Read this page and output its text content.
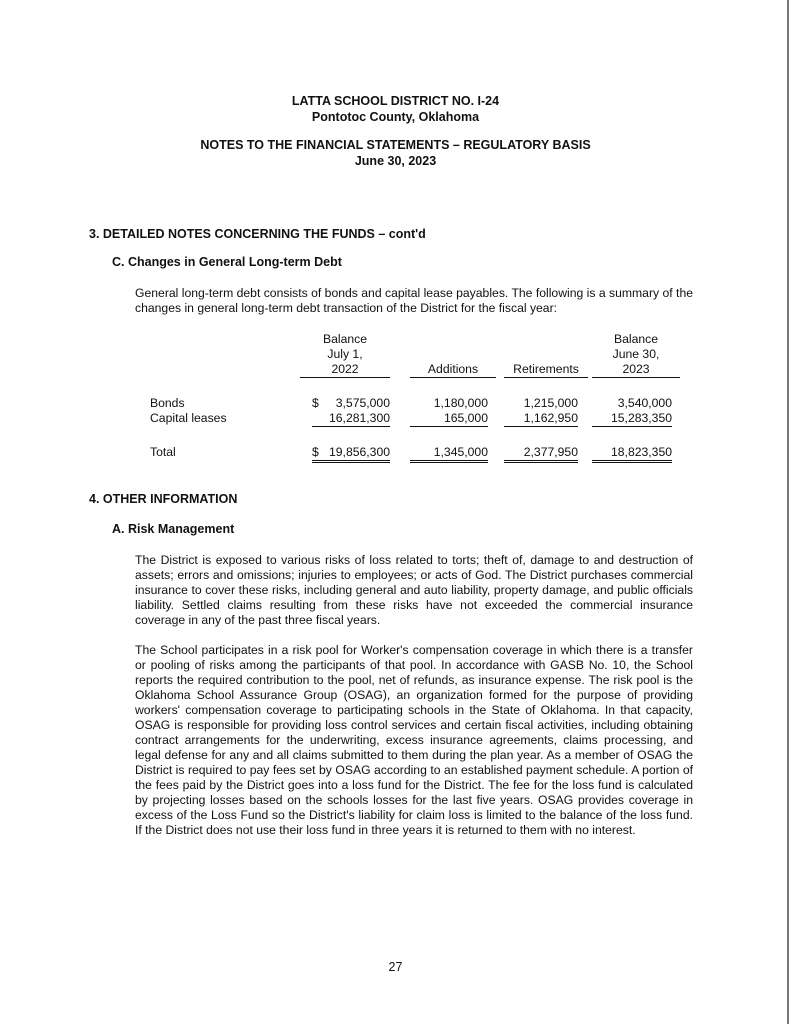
LATTA SCHOOL DISTRICT NO. I-24
Pontotoc County, Oklahoma
NOTES TO THE FINANCIAL STATEMENTS – REGULATORY BASIS
June 30, 2023
3. DETAILED NOTES CONCERNING THE FUNDS – cont'd
C. Changes in General Long-term Debt
General long-term debt consists of bonds and capital lease payables. The following is a summary of the changes in general long-term debt transaction of the District for the fiscal year:
Balance
July 1,
2022	Additions	Retirements
Balance
June 30,
2023
Bonds	$	3,575,000	1,180,000	1,215,000	3,540,000
Capital leases	16,281,300	165,000	1,162,950	15,283,350
Total	$ 19,856,300	1,345,000	2,377,950	18,823,350
4. OTHER INFORMATION
A. Risk Management
The District is exposed to various risks of loss related to torts; theft of, damage to and destruction of assets; errors and omissions; injuries to employees; or acts of God. The District purchases commercial insurance to cover these risks, including general and auto liability, property damage, and public officials liability. Settled claims resulting from these risks have not exceeded the commercial insurance coverage in any of the past three fiscal years.
The School participates in a risk pool for Worker's compensation coverage in which there is a transfer or pooling of risks among the participants of that pool. In accordance with GASB No. 10, the School reports the required contribution to the pool, net of refunds, as insurance expense. The risk pool is the Oklahoma School Assurance Group (OSAG), an organization formed for the purpose of providing workers' compensation coverage to participating schools in the State of Oklahoma. In that capacity, OSAG is responsible for providing loss control services and certain fiscal activities, including obtaining contract arrangements for the underwriting, excess insurance agreements, claims processing, and legal defense for any and all claims submitted to them during the plan year. As a member of OSAG the District is required to pay fees set by OSAG according to an established payment schedule. A portion of the fees paid by the District goes into a loss fund for the District. The fee for the loss fund is calculated by projecting losses based on the schools losses for the last five years. OSAG provides coverage in excess of the Loss Fund so the District's liability for claim loss is limited to the balance of the loss fund. If the District does not use their loss fund in three years it is returned to them with no interest.
27
